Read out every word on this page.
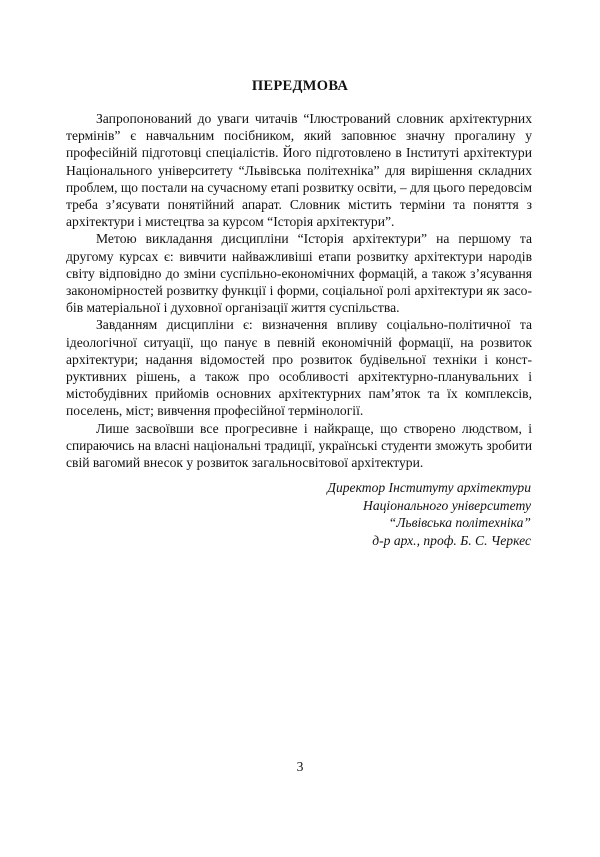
ПЕРЕДМОВА

Запропонований до уваги читачів “Ілюстрований словник архітектурних
термінів” є навчальним посібником, який заповнює значну прогалину у
професійній підготовці спеціалістів. Його підготовлено в Інституті архітектури
Національного університету “Львівська політехніка” для вирішення складних
проблем, що постали на сучасному етапі розвитку освіти, – для цього передовсім
треба з’ясувати понятійний апарат. Словник містить терміни та поняття з
архітектури і мистецтва за курсом “Історія архітектури”.

Метою викладання дисципліни “Історія архітектури” на першому та
другому курсах є: вивчити найважливіші етапи розвитку архітектури народів
світу відповідно до зміни суспільно-економічних формацій, а також з’ясування
закономірностей розвитку функції і форми, соціальної ролі архітектури як засо-
бів матеріальної і духовної організації життя суспільства.

Завданням дисципліни є: визначення впливу соціально-політичної та
ідеологічної ситуації, що панує в певній економічній формації, на розвиток
архітектури; надання відомостей про розвиток будівельної техніки і конст-
руктивних рішень, а також про особливості архітектурно-планувальних і
містобудівних прийомів основних архітектурних пам’яток та їх комплексів,
поселень, міст; вивчення професійної термінології.

Лише засвоївши все прогресивне і найкраще, що створено людством, і
спираючись на власні національні традиції, українські студенти зможуть зробити
свій вагомий внесок у розвиток загальносвітової архітектури.

Директор Інституту архітектури
Національного університету
“Львівська політехніка”
д-р арх., проф. Б. С. Черкес
3
